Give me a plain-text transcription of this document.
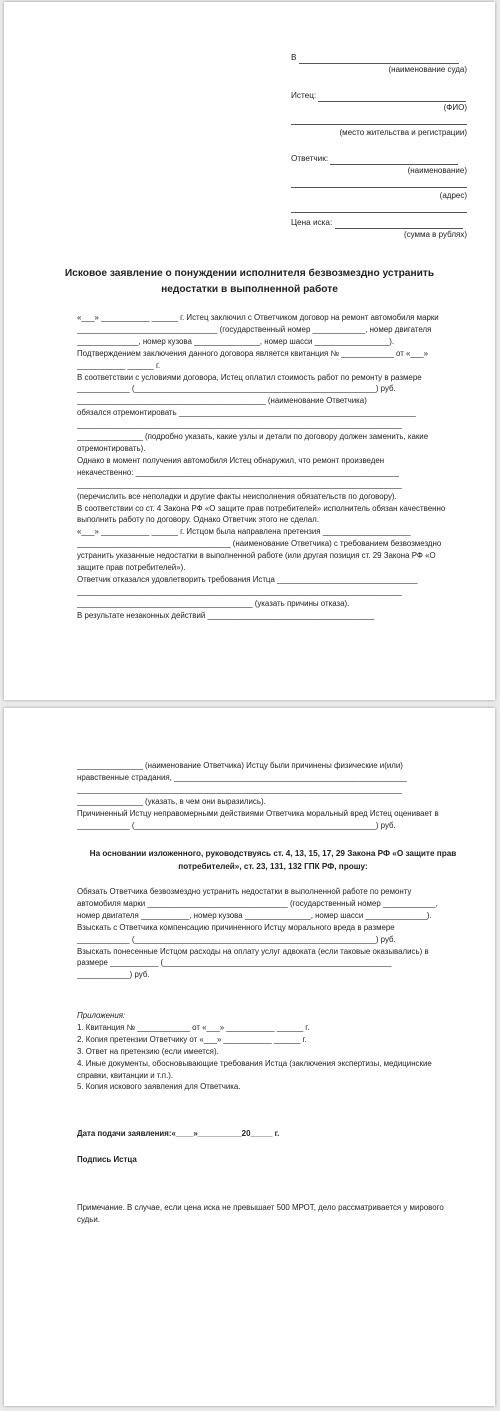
В
(наименование суда)
Истец:
(ФИО)
(место жительства и регистрации)
Ответчик:
(наименование)
(адрес)
Цена иска:
(сумма в рублях)
Исковое заявление о понуждении исполнителя безвозмездно устранить
недостатки в выполненной работе

«___» ___________ ______ г. Истец заключил с Ответчиком договор на ремонт автомобиля марки

________________________________ (государственный номер ____________, номер двигателя

______________, номер кузова _______________, номер шасси _________________).

Подтверждением заключения данного договора является квитанция № ____________ от «___»

___________ ______ г.

В соответствии с условиями договора, Истец оплатил стоимость работ по ремонту в размере

____________ (_______________________________________________________) руб.

___________________________________________ (наименование Ответчика)

обязался отремонтировать ______________________________________________________

__________________________________________________________________________

_______________ (подробно указать, какие узлы и детали по договору должен заменить, какие

отремонтировать).

Однако в момент получения автомобиля Истец обнаружил, что ремонт произведен

некачественно: ____________________________________________________________

__________________________________________________________________________

(перечислить все неполадки и другие факты неисполнения обязательств по договору).

В соответствии со ст. 4 Закона РФ «О защите прав потребителей» исполнитель обязан качественно

выполнить работу по договору. Однако Ответчик этого не сделал.

«___» ___________ ______ г. Истцом была направлена претензия ____________________

___________________________________ (наименование Ответчика) с требованием безвозмездно

устранить указанные недостатки в выполненной работе (или другая позиция ст. 29 Закона РФ «О

защите прав потребителей»).

Ответчик отказался удовлетворить требования Истца ________________________________

__________________________________________________________________________

________________________________________ (указать причины отказа).

В результате незаконных действий ______________________________________

_______________ (наименование Ответчика) Истцу были причинены физические и(или)

нравственные страдания, _____________________________________________________

__________________________________________________________________________

_______________ (указать, в чем они выразились).

Причиненный Истцу неправомерными действиями Ответчика моральный вред Истец оценивает в

____________ (_______________________________________________________) руб.

На основании изложенного, руководствуясь ст. 4, 13, 15, 17, 29 Закона РФ «О защите прав
потребителей», ст. 23, 131, 132 ГПК РФ, прошу:

Обязать Ответчика безвозмездно устранить недостатки в выполненной работе по ремонту

автомобиля марки ________________________________ (государственный номер ____________,

номер двигателя ___________, номер кузова _______________, номер шасси ______________).

Взыскать с Ответчика компенсацию причиненного Истцу морального вреда в размере

____________ (_______________________________________________________) руб.

Взыскать понесенные Истцом расходы на оплату услуг адвоката (если таковые оказывались) в

размере ___________ (____________________________________________________

____________) руб.

Приложения:

1. Квитанция № ____________ от «___» ___________ ______ г.

2. Копия претензии Ответчику от «___» ___________ ______ г.

3. Ответ на претензию (если имеется).

4. Иные документы, обосновывающие требования Истца (заключения экспертизы, медицинские

справки, квитанции и т.п.).

5. Копия искового заявления для Ответчика.

Дата подачи заявления:«____»__________20_____ г.
Подпись Истца

Примечание. В случае, если цена иска не превышает 500 МРОТ, дело рассматривается у мирового

судьи.
